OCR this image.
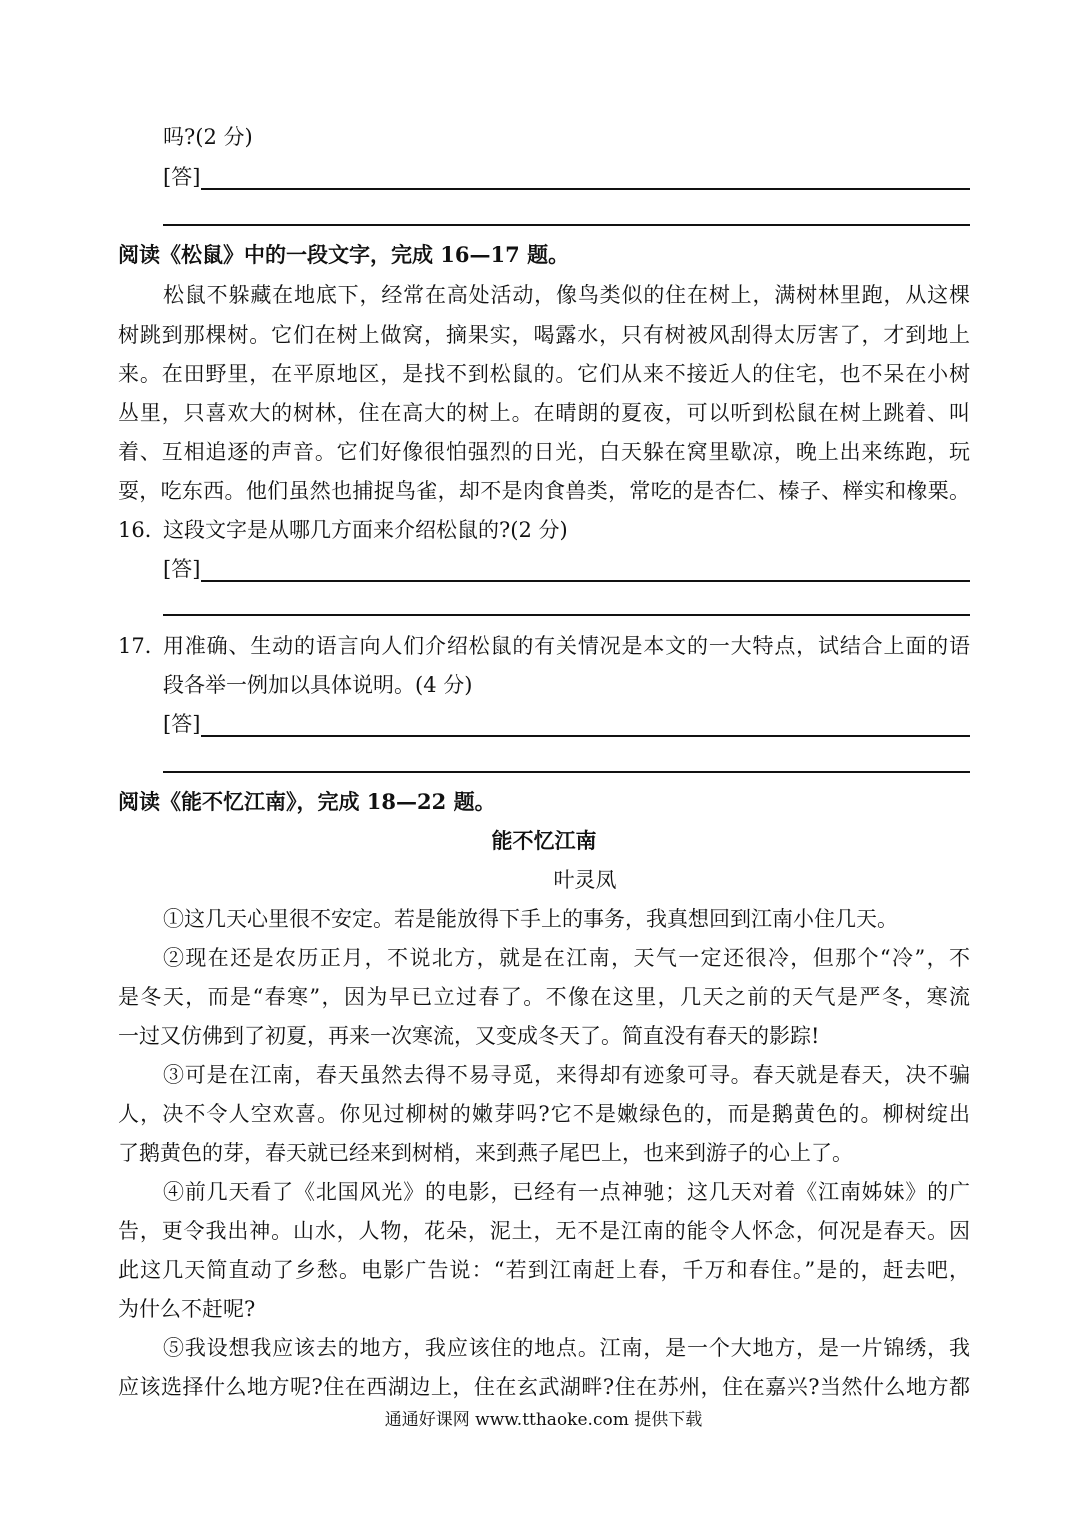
吗?(2 分)
[答]
阅读《松鼠》中的一段文字，完成 16—17 题。
松鼠不躲藏在地底下，经常在高处活动，像鸟类似的住在树上，满树林里跑，从这棵
树跳到那棵树。它们在树上做窝，摘果实，喝露水，只有树被风刮得太厉害了，才到地上
来。在田野里，在平原地区，是找不到松鼠的。它们从来不接近人的住宅，也不呆在小树
丛里，只喜欢大的树林，住在高大的树上。在晴朗的夏夜，可以听到松鼠在树上跳着、叫
着、互相追逐的声音。它们好像很怕强烈的日光，白天躲在窝里歇凉，晚上出来练跑，玩
耍，吃东西。他们虽然也捕捉鸟雀，却不是肉食兽类，常吃的是杏仁、榛子、榉实和橡栗。
16．
这段文字是从哪几方面来介绍松鼠的?(2 分)
[答]
17．
用准确、生动的语言向人们介绍松鼠的有关情况是本文的一大特点，试结合上面的语
段各举一例加以具体说明。(4 分)
[答]
阅读《能不忆江南》，完成 18—22 题。
能不忆江南
叶灵凤
①这几天心里很不安定。若是能放得下手上的事务，我真想回到江南小住几天。
②现在还是农历正月，不说北方，就是在江南，天气一定还很冷，但那个“冷”，不
是冬天，而是“春寒”，因为早已立过春了。不像在这里，几天之前的天气是严冬，寒流
一过又仿佛到了初夏，再来一次寒流，又变成冬天了。简直没有春天的影踪!
③可是在江南，春天虽然去得不易寻觅，来得却有迹象可寻。春天就是春天，决不骗
人，决不令人空欢喜。你见过柳树的嫩芽吗?它不是嫩绿色的，而是鹅黄色的。柳树绽出
了鹅黄色的芽，春天就已经来到树梢，来到燕子尾巴上，也来到游子的心上了。
④前几天看了《北国风光》的电影，已经有一点神驰；这几天对着《江南姊妹》的广
告，更令我出神。山水，人物，花朵，泥土，无不是江南的能令人怀念，何况是春天。因
此这几天简直动了乡愁。电影广告说：“若到江南赶上春，千万和春住。”是的，赶去吧，
为什么不赶呢?
⑤我设想我应该去的地方，我应该住的地点。江南，是一个大地方，是一片锦绣，我
应该选择什么地方呢?住在西湖边上，住在玄武湖畔?住在苏州，住在嘉兴?当然什么地方都
通通好课网 www.tthaoke.com 提供下载
